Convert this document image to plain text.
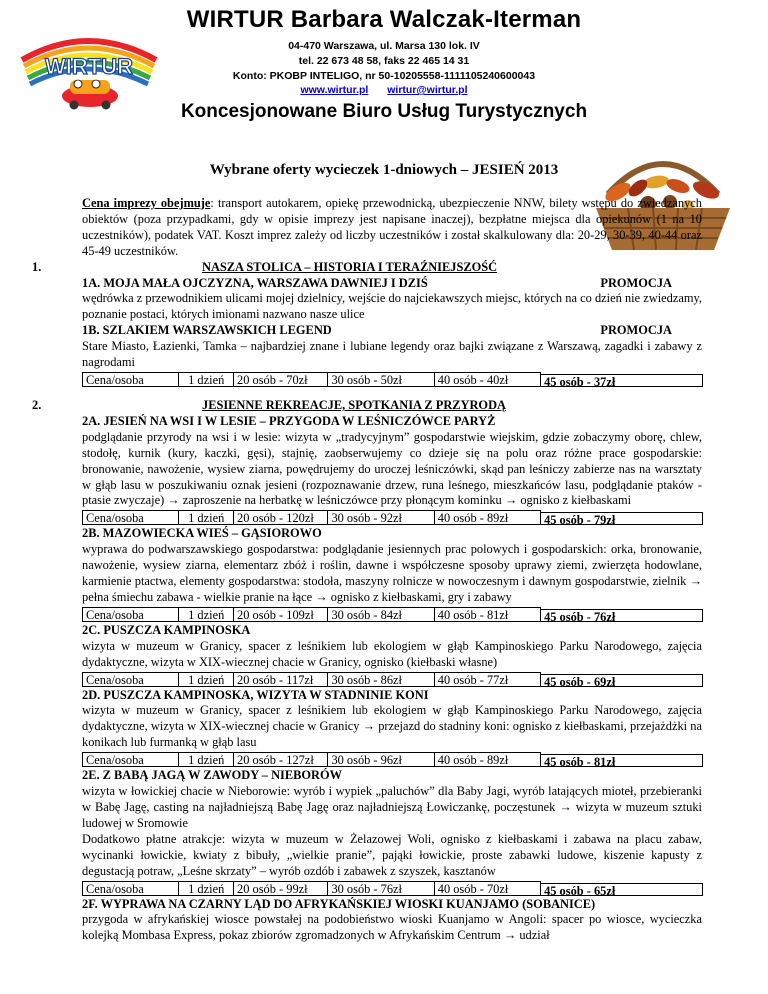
WIRTUR Barbara Walczak-Iterman
04-470 Warszawa, ul. Marsa 130 lok. IV
tel. 22 673 48 58, faks 22 465 14 31
Konto: PKOBP INTELIGO, nr 50-10205558-1111105240600043
www.wirtur.pl wirtur@wirtur.pl
Koncesjonowane Biuro Usług Turystycznych
WIRTUR
Wybrane oferty wycieczek 1-dniowych – JESIEŃ 2013

Cena imprezy obejmuje: transport autokarem, opiekę przewodnicką, ubezpieczenie NNW, bilety wstępu do zwiedzanych obiektów (poza przypadkami, gdy w opisie imprezy jest napisane inaczej), bezpłatne miejsca dla opiekunów (1 na 10 uczestników), podatek VAT. Koszt imprez zależy od liczby uczestników i został skalkulowany dla: 20-29, 30-39, 40-44 oraz 45-49 uczestników.

1.	NASZA STOLICA – HISTORIA I TERAŹNIEJSZOŚĆ
1A. MOJA MAŁA OJCZYZNA, WARSZAWA DAWNIEJ I DZIŚ	PROMOCJA

wędrówka z przewodnikiem ulicami mojej dzielnicy, wejście do najciekawszych miejsc, których na co dzień nie zwiedzamy, poznanie postaci, których imionami nazwano nasze ulice

1B. SZLAKIEM WARSZAWSKICH LEGEND	PROMOCJA

Stare Miasto, Łazienki, Tamka – najbardziej znane i lubiane legendy oraz bajki związane z Warszawą, zagadki i zabawy z nagrodami

Cena/osoba	1 dzień	20 osób - 70zł	30 osób - 50zł	40 osób - 40zł	45 osób - 37zł
2.	JESIENNE REKREACJE, SPOTKANIA Z PRZYRODĄ
2A. JESIEŃ NA WSI I W LESIE – PRZYGODA W LEŚNICZÓWCE PARYŻ

podglądanie przyrody na wsi i w lesie: wizyta w „tradycyjnym” gospodarstwie wiejskim, gdzie zobaczymy oborę, chlew, stodołę, kurnik (kury, kaczki, gęsi), stajnię, zaobserwujemy co dzieje się na polu oraz różne prace gospodarskie: bronowanie, nawożenie, wysiew ziarna, powędrujemy do uroczej leśniczówki, skąd pan leśniczy zabierze nas na warsztaty w głąb lasu w poszukiwaniu oznak jesieni (rozpoznawanie drzew, runa leśnego, mieszkańców lasu, podglądanie ptaków - ptasie zwyczaje) → zaproszenie na herbatkę w leśniczówce przy płonącym kominku → ognisko z kiełbaskami

Cena/osoba	1 dzień	20 osób - 120zł	30 osób - 92zł	40 osób - 89zł	45 osób - 79zł
2B. MAZOWIECKA WIEŚ – GĄSIOROWO

wyprawa do podwarszawskiego gospodarstwa: podglądanie jesiennych prac polowych i gospodarskich: orka, bronowanie, nawożenie, wysiew ziarna, elementarz zbóż i roślin, dawne i współczesne sposoby uprawy ziemi, zwierzęta hodowlane, karmienie ptactwa, elementy gospodarstwa: stodoła, maszyny rolnicze w nowoczesnym i dawnym gospodarstwie, zielnik → pełna śmiechu zabawa - wielkie pranie na łące → ognisko z kiełbaskami, gry i zabawy

Cena/osoba	1 dzień	20 osób - 109zł	30 osób - 84zł	40 osób - 81zł	45 osób - 76zł
2C. PUSZCZA KAMPINOSKA

wizyta w muzeum w Granicy, spacer z leśnikiem lub ekologiem w głąb Kampinoskiego Parku Narodowego, zajęcia dydaktyczne, wizyta w XIX-wiecznej chacie w Granicy, ognisko (kiełbaski własne)

Cena/osoba	1 dzień	20 osób - 117zł	30 osób - 86zł	40 osób - 77zł	45 osób - 69zł
2D. PUSZCZA KAMPINOSKA, WIZYTA W STADNINIE KONI

wizyta w muzeum w Granicy, spacer z leśnikiem lub ekologiem w głąb Kampinoskiego Parku Narodowego, zajęcia dydaktyczne, wizyta w XIX-wiecznej chacie w Granicy → przejazd do stadniny koni: ognisko z kiełbaskami, przejażdżki na konikach lub furmanką w głąb lasu

Cena/osoba	1 dzień	20 osób - 127zł	30 osób - 96zł	40 osób - 89zł	45 osób - 81zł
2E. Z BABĄ JAGĄ W ZAWODY – NIEBORÓW

wizyta w łowickiej chacie w Nieborowie: wyrób i wypiek „paluchów” dla Baby Jagi, wyrób latających mioteł, przebieranki w Babę Jagę, casting na najładniejszą Babę Jagę oraz najładniejszą Łowiczankę, poczęstunek → wizyta w muzeum sztuki ludowej w Sromowie

Dodatkowo płatne atrakcje: wizyta w muzeum w Żelazowej Woli, ognisko z kiełbaskami i zabawa na placu zabaw, wycinanki łowickie, kwiaty z bibuły, „wielkie pranie”, pająki łowickie, proste zabawki ludowe, kiszenie kapusty z degustacją potraw, „Leśne skrzaty” – wyrób ozdób i zabawek z szyszek, kasztanów

Cena/osoba	1 dzień	20 osób - 99zł	30 osób - 76zł	40 osób - 70zł	45 osób - 65zł
2F. WYPRAWA NA CZARNY LĄD DO AFRYKAŃSKIEJ WIOSKI KUANJAMO (SOBANICE)

przygoda w afrykańskiej wiosce powstałej na podobieństwo wioski Kuanjamo w Angoli: spacer po wiosce, wycieczka kolejką Mombasa Express, pokaz zbiorów zgromadzonych w Afrykańskim Centrum → udział
